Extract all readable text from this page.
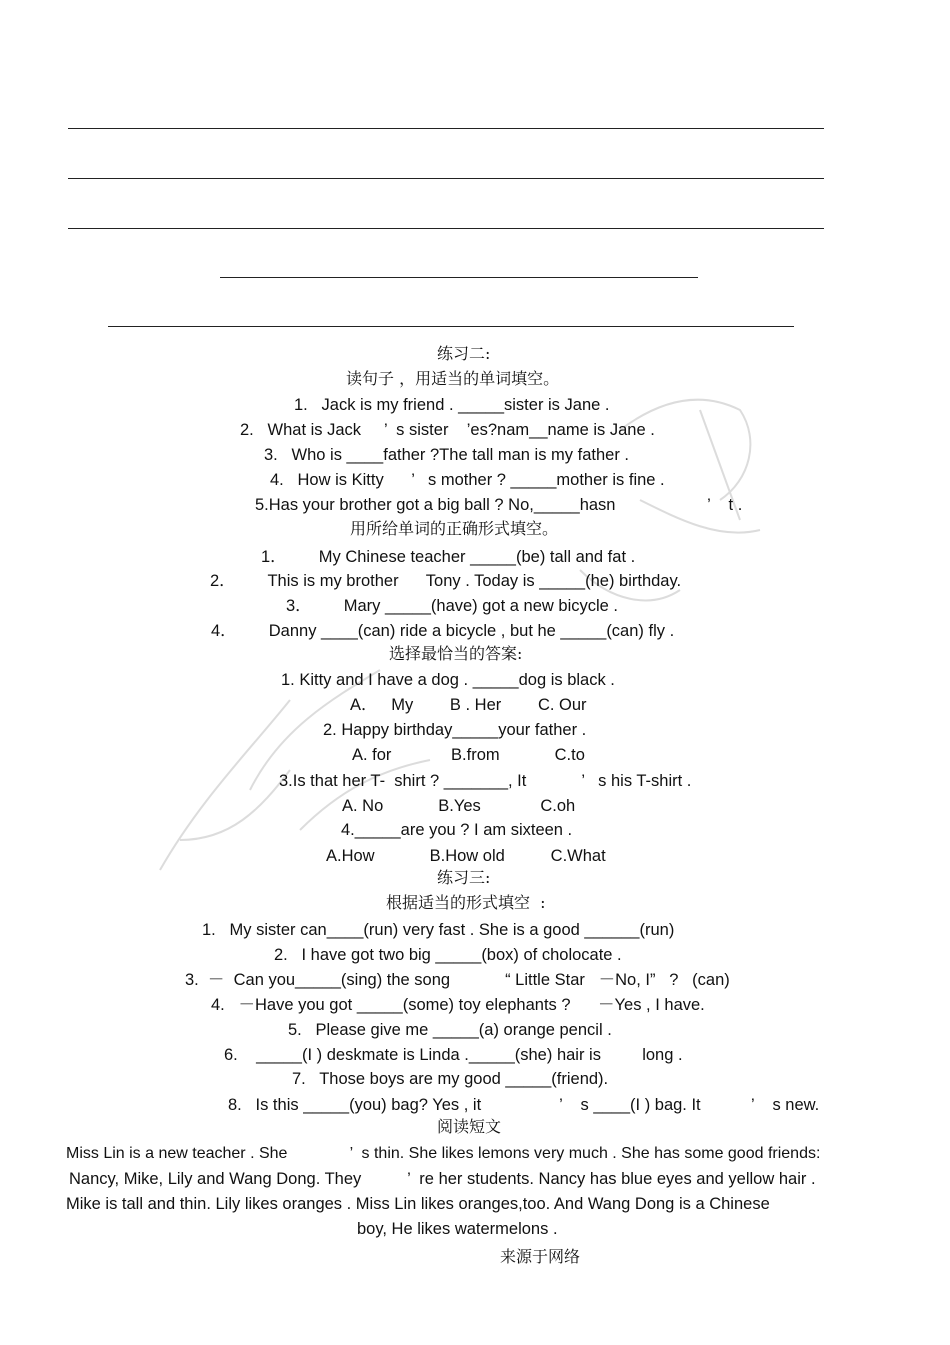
练习二:
读句子 ，用适当的单词填空。
1.   Jack is my friend . _____sister is Jane .
2.   What is Jack     ’  s sister    ’es?nam__name is Jane .
3.   Who is ____father ?The tall man is my father .
4.   How is Kitty      ’   s mother ? _____mother is fine .
5.Has your brother got a big ball ? No,_____hasn                    ’    t .
用所给单词的正确形式填空。
1．       My Chinese teacher _____(be) tall and fat .
2．       This is my brother      Tony . Today is _____(he) birthday.
3．       Mary _____(have) got a new bicycle .
4．       Danny ____(can) ride a bicycle , but he _____(can) fly .
选择最恰当的答案:
1. Kitty and I have a dog . _____dog is black .
A．   My        B . Her        C. Our
2. Happy birthday_____your father .
A. for             B.from            C.to
3.Is that her T-  shirt ? _______, It            ’   s his T-shirt .
A. No            B.Yes             C.oh
4._____are you ? I am sixteen .
A.How            B.How old          C.What
练习三:
根据适当的形式填空  :
1.   My sister can____(run) very fast . She is a good ______(run)
2.   I have got two big _____(box) of cholocate .
3.  －  Can you_____(sing) the song            “ Little Star   －No, I”   ?   (can)
4.   －Have you got _____(some) toy elephants ?      －Yes , I have.
5.   Please give me _____(a) orange pencil .
6.    _____(I ) deskmate is Linda ._____(she) hair is         long .
7.   Those boys are my good _____(friend).
8.   Is this _____(you) bag? Yes , it                 ’    s ____(I ) bag. It           ’    s new.
阅读短文
Miss Lin is a new teacher . She              ’  s thin. She likes lemons very much . She has some good friends:
Nancy, Mike, Lily and Wang Dong. They          ’  re her students. Nancy has blue eyes and yellow hair .
Mike is tall and thin. Lily likes oranges . Miss Lin likes oranges,too. And Wang Dong is a Chinese
boy, He likes watermelons .
来源于网络
